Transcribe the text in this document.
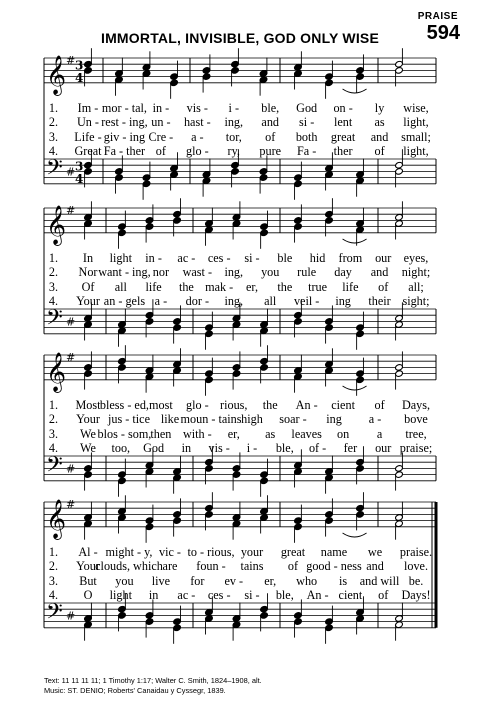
PRAISE
594
IMMORTAL, INVISIBLE, GOD ONLY WISE
𝄞
𝄢
#
#
3
4
3
4
𝄞
𝄢
#
#
𝄞
𝄢
#
#
𝄞
𝄢
#
#
1. Im - mor - tal, in - vis - i - ble, God on - ly wise,
2. Un - rest - ing, un - hast - ing, and si - lent as light,
3. Life - giv - ing Cre - a - tor, of both great and small;
4. Great Fa - ther of glo - ry, pure Fa - ther of light,
1. In light in - ac - ces - si - ble hid from our eyes,
2. Nor want - ing, nor wast - ing, you rule day and night;
3. Of all life the mak - er, the true life of all;
4. Your an - gels a - dor - ing, all veil - ing their sight;
1. Most bless - ed, most glo - rious, the An - cient of Days,
2. Your jus - tice like moun - tains high soar - ing a - bove
3. We blos - som, then with - er, as leaves on a tree,
4. We too, God in vis - i - ble, of - fer our praise;
1. Al - might - y, vic - to - rious, your great name we praise.
2. Your
clouds, which are foun - tains of good - ness and love.
3. But you live for ev - er, who is and will be.
4. O light in ac - ces - si - ble, An - cient of Days!
Text: 11 11 11 11; 1 Timothy 1:17; Walter C. Smith, 1824–1908, alt.
Music: ST. DENIO; Roberts' Canaidau y Cyssegr, 1839.
